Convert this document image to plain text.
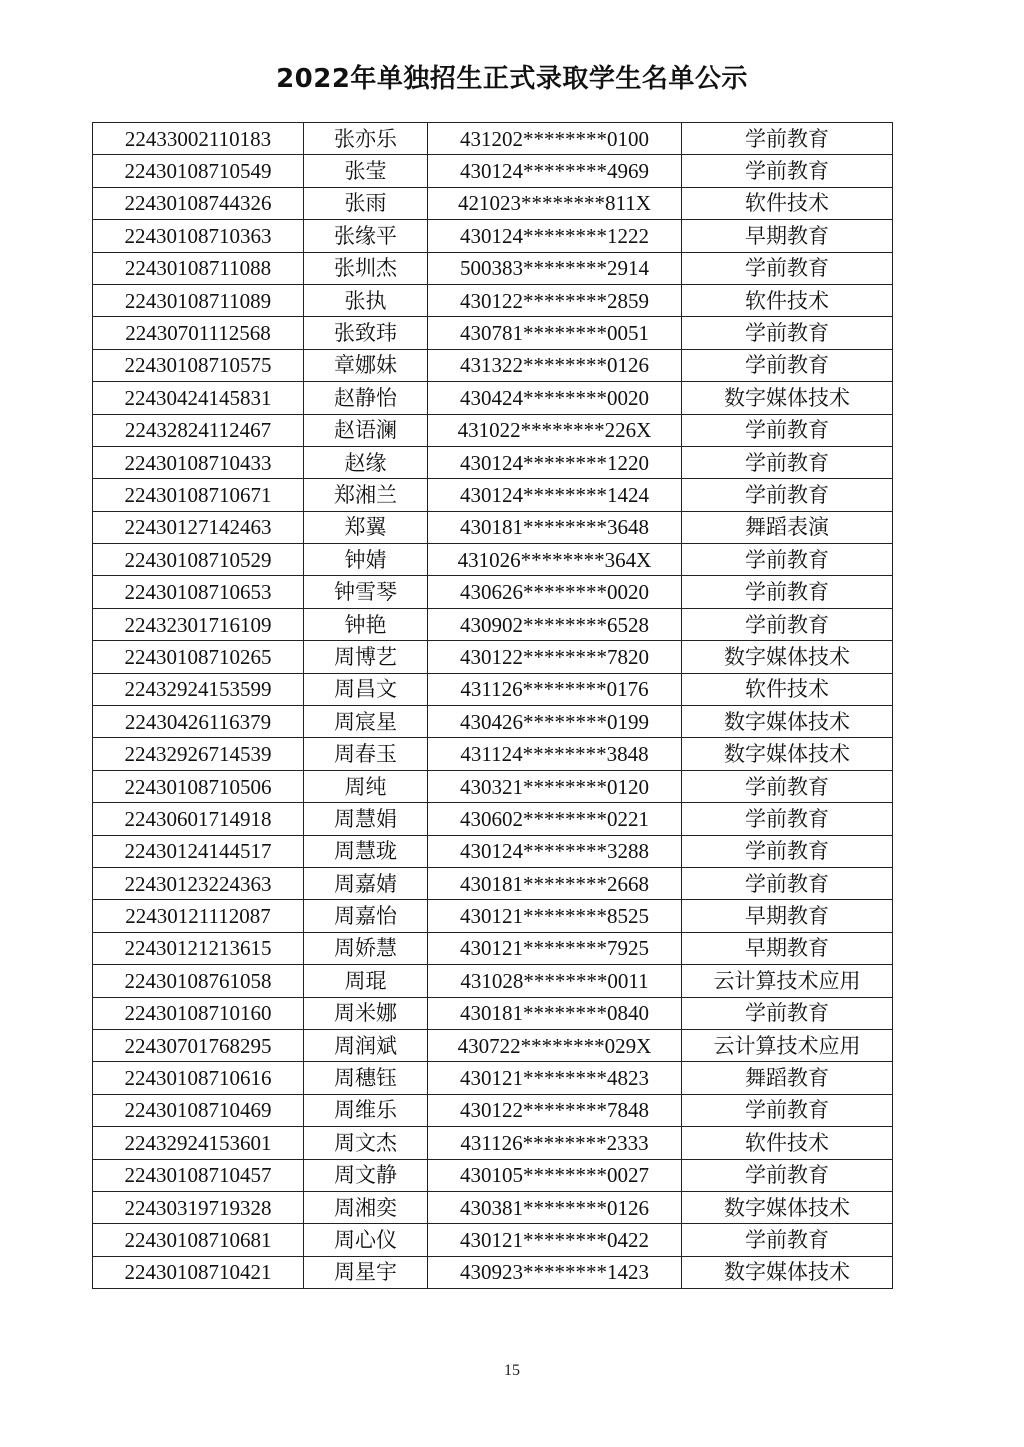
2022年单独招生正式录取学生名单公示
22433002110183	张亦乐	431202********0100	学前教育
22430108710549	张莹	430124********4969	学前教育
22430108744326	张雨	421023********811X	软件技术
22430108710363	张缘平	430124********1222	早期教育
22430108711088	张圳杰	500383********2914	学前教育
22430108711089	张执	430122********2859	软件技术
22430701112568	张致玮	430781********0051	学前教育
22430108710575	章娜妹	431322********0126	学前教育
22430424145831	赵静怡	430424********0020	数字媒体技术
22432824112467	赵语澜	431022********226X	学前教育
22430108710433	赵缘	430124********1220	学前教育
22430108710671	郑湘兰	430124********1424	学前教育
22430127142463	郑翼	430181********3648	舞蹈表演
22430108710529	钟婧	431026********364X	学前教育
22430108710653	钟雪琴	430626********0020	学前教育
22432301716109	钟艳	430902********6528	学前教育
22430108710265	周博艺	430122********7820	数字媒体技术
22432924153599	周昌文	431126********0176	软件技术
22430426116379	周宸星	430426********0199	数字媒体技术
22432926714539	周春玉	431124********3848	数字媒体技术
22430108710506	周纯	430321********0120	学前教育
22430601714918	周慧娟	430602********0221	学前教育
22430124144517	周慧珑	430124********3288	学前教育
22430123224363	周嘉婧	430181********2668	学前教育
22430121112087	周嘉怡	430121********8525	早期教育
22430121213615	周娇慧	430121********7925	早期教育
22430108761058	周琨	431028********0011	云计算技术应用
22430108710160	周米娜	430181********0840	学前教育
22430701768295	周润斌	430722********029X	云计算技术应用
22430108710616	周穗钰	430121********4823	舞蹈教育
22430108710469	周维乐	430122********7848	学前教育
22432924153601	周文杰	431126********2333	软件技术
22430108710457	周文静	430105********0027	学前教育
22430319719328	周湘奕	430381********0126	数字媒体技术
22430108710681	周心仪	430121********0422	学前教育
22430108710421	周星宇	430923********1423	数字媒体技术
15
